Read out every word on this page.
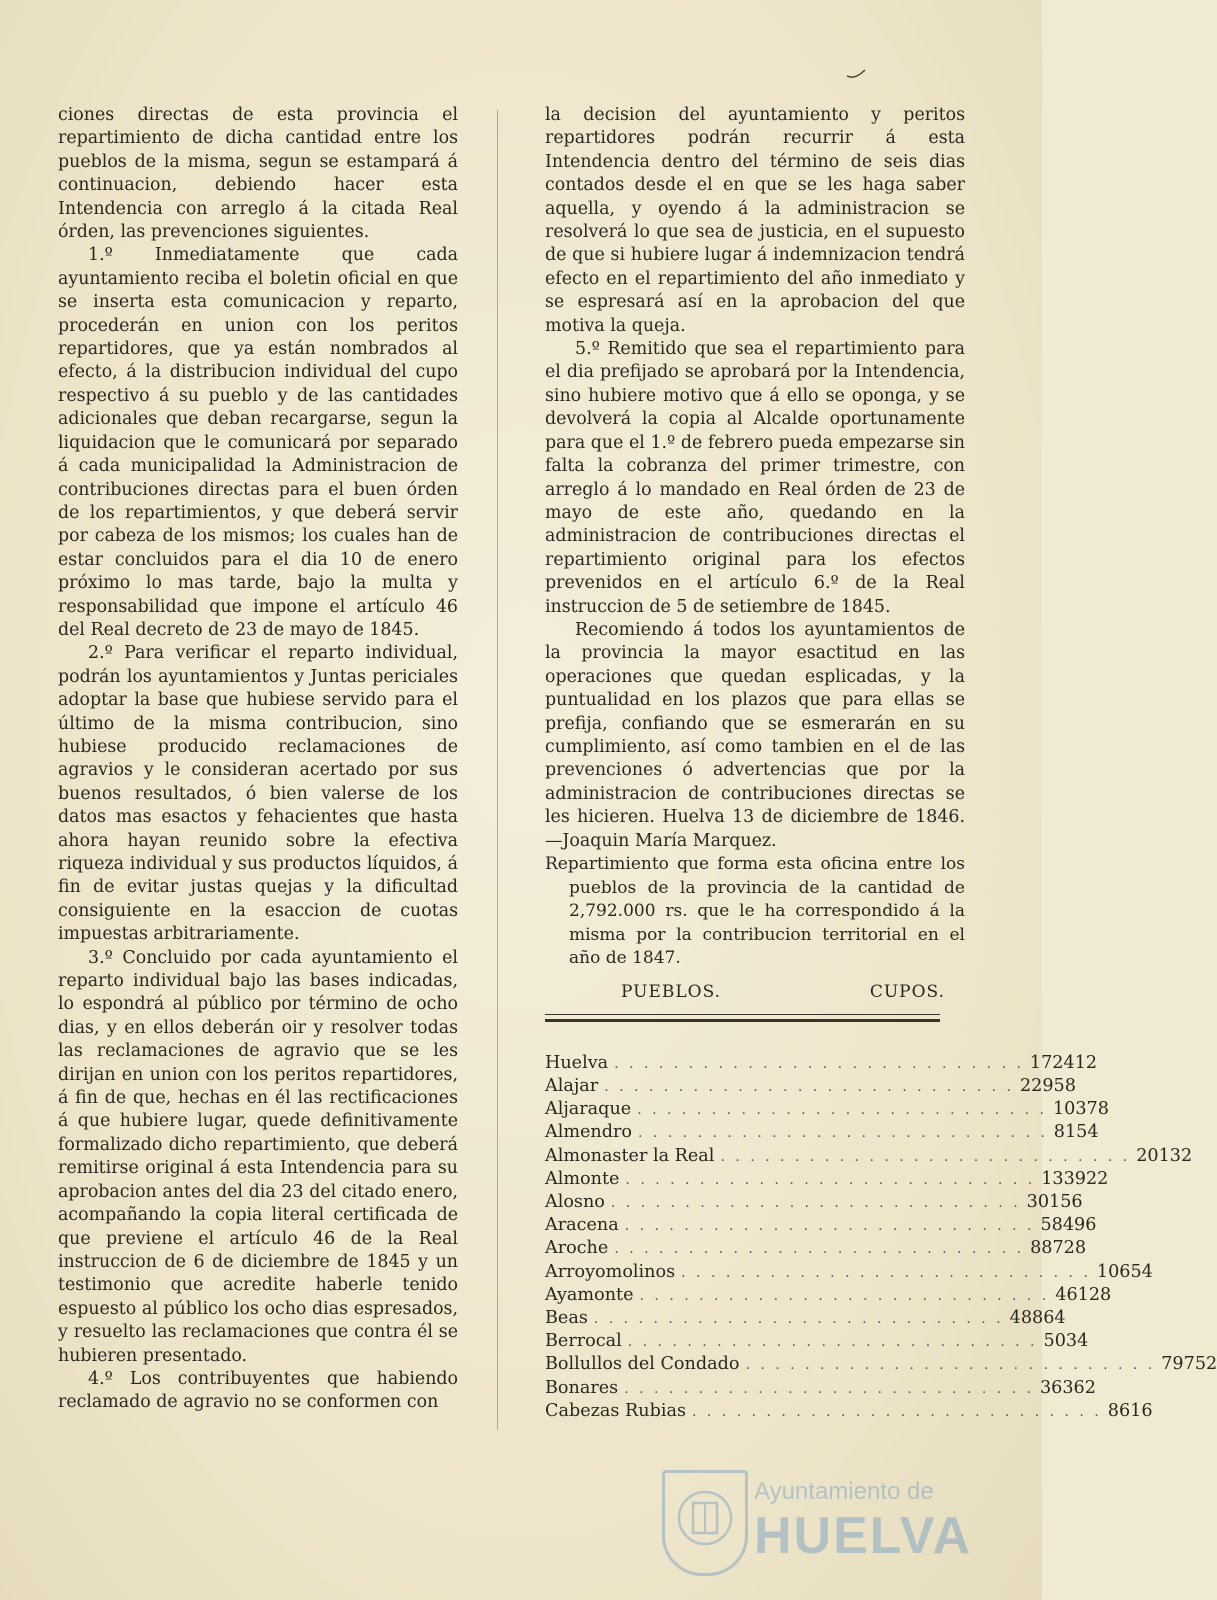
ciones directas de esta provincia el repartimiento de dicha cantidad entre los pueblos de la misma, segun se estampará á continuacion, debiendo hacer esta Intendencia con arreglo á la citada Real órden, las prevenciones siguientes.

1.º Inmediatamente que cada ayuntamiento reciba el boletin oficial en que se inserta esta comunicacion y reparto, procederán en union con los peritos repartidores, que ya están nombrados al efecto, á la distribucion individual del cupo respectivo á su pueblo y de las cantidades adicionales que deban recargarse, segun la liquidacion que le comunicará por separado á cada municipalidad la Administracion de contribuciones directas para el buen órden de los repartimientos, y que deberá servir por cabeza de los mismos; los cuales han de estar concluidos para el dia 10 de enero próximo lo mas tarde, bajo la multa y responsabilidad que impone el artículo 46 del Real decreto de 23 de mayo de 1845.

2.º Para verificar el reparto individual, podrán los ayuntamientos y Juntas periciales adoptar la base que hubiese servido para el último de la misma contribucion, sino hubiese producido reclamaciones de agravios y le consideran acertado por sus buenos resultados, ó bien valerse de los datos mas esactos y fehacientes que hasta ahora hayan reunido sobre la efectiva riqueza individual y sus productos líquidos, á fin de evitar justas quejas y la dificultad consiguiente en la esaccion de cuotas impuestas arbitrariamente.

3.º Concluido por cada ayuntamiento el reparto individual bajo las bases indicadas, lo espondrá al público por término de ocho dias, y en ellos deberán oir y resolver todas las reclamaciones de agravio que se les dirijan en union con los peritos repartidores, á fin de que, hechas en él las rectificaciones á que hubiere lugar, quede definitivamente formalizado dicho repartimiento, que deberá remitirse original á esta Intendencia para su aprobacion antes del dia 23 del citado enero, acompañando la copia literal certificada de que previene el artículo 46 de la Real instruccion de 6 de diciembre de 1845 y un testimonio que acredite haberle tenido espuesto al público los ocho dias espresados, y resuelto las reclamaciones que contra él se hubieren presentado.

4.º Los contribuyentes que habiendo reclamado de agravio no se conformen con

la decision del ayuntamiento y peritos repartidores podrán recurrir á esta Intendencia dentro del término de seis dias contados desde el en que se les haga saber aquella, y oyendo á la administracion se resolverá lo que sea de justicia, en el supuesto de que si hubiere lugar á indemnizacion tendrá efecto en el repartimiento del año inmediato y se espresará así en la aprobacion del que motiva la queja.

5.º Remitido que sea el repartimiento para el dia prefijado se aprobará por la Intendencia, sino hubiere motivo que á ello se oponga, y se devolverá la copia al Alcalde oportunamente para que el 1.º de febrero pueda empezarse sin falta la cobranza del primer trimestre, con arreglo á lo mandado en Real órden de 23 de mayo de este año, quedando en la administracion de contribuciones directas el repartimiento original para los efectos prevenidos en el artículo 6.º de la Real instruccion de 5 de setiembre de 1845.

Recomiendo á todos los ayuntamientos de la provincia la mayor esactitud en las operaciones que quedan esplicadas, y la puntualidad en los plazos que para ellas se prefija, confiando que se esmerarán en su cumplimiento, así como tambien en el de las prevenciones ó advertencias que por la administracion de contribuciones directas se les hicieren. Huelva 13 de diciembre de 1846.—Joaquin María Marquez.

Repartimiento que forma esta oficina entre los pueblos de la provincia de la cantidad de 2,792.000 rs. que le ha correspondido á la misma por la contribucion territorial en el año de 1847.

PUEBLOS.	CUPOS.
Huelva . . . . . . . . . . . . . . . . . . . . . . . . . . . . 172412
Alajar . . . . . . . . . . . . . . . . . . . . . . . . . . . . 22958
Aljaraque . . . . . . . . . . . . . . . . . . . . . . . . . . . . 10378
Almendro . . . . . . . . . . . . . . . . . . . . . . . . . . . . 8154
Almonaster la Real . . . . . . . . . . . . . . . . . . . . . . . . . . . . 20132
Almonte . . . . . . . . . . . . . . . . . . . . . . . . . . . . 133922
Alosno . . . . . . . . . . . . . . . . . . . . . . . . . . . . 30156
Aracena . . . . . . . . . . . . . . . . . . . . . . . . . . . . 58496
Aroche . . . . . . . . . . . . . . . . . . . . . . . . . . . . 88728
Arroyomolinos . . . . . . . . . . . . . . . . . . . . . . . . . . . . 10654
Ayamonte . . . . . . . . . . . . . . . . . . . . . . . . . . . . 46128
Beas . . . . . . . . . . . . . . . . . . . . . . . . . . . . 48864
Berrocal . . . . . . . . . . . . . . . . . . . . . . . . . . . . 5034
Bollullos del Condado . . . . . . . . . . . . . . . . . . . . . . . . . . . . 79752
Bonares . . . . . . . . . . . . . . . . . . . . . . . . . . . . 36362
Cabezas Rubias . . . . . . . . . . . . . . . . . . . . . . . . . . . . 8616
Ayuntamiento de
HUELVA
